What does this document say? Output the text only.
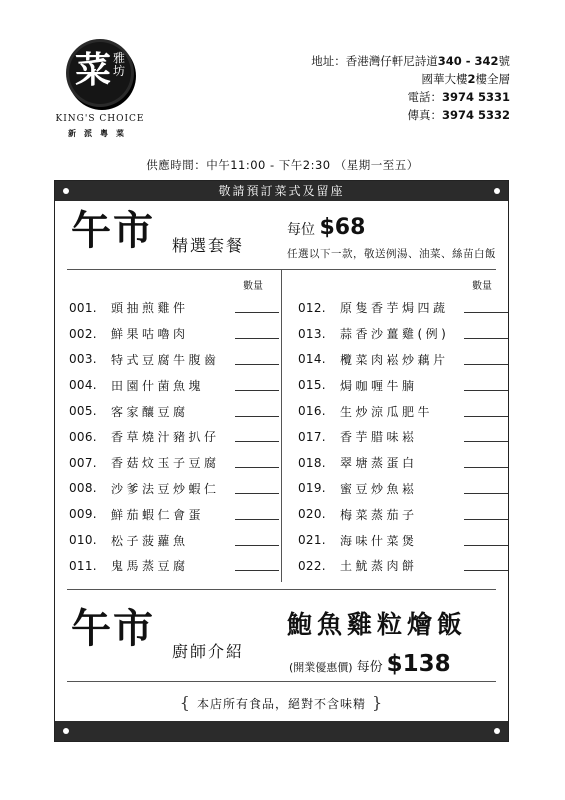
菜 雅坊
KING'S CHOICE
新派粵菜
地址：香港灣仔軒尼詩道340 - 342號
國華大樓2樓全層
電話：3974 5331
傳真：3974 5332
供應時間：中午11:00 - 下午2:30 （星期一至五）
敬請預訂菜式及留座
午市 精選套餐
每位 $68
任選以下一款，敬送例湯、油菜、絲苗白飯
數量
001.	頭抽煎雞件
002.	鮮果咕嚕肉
003.	特式豆腐牛腹齒
004.	田園什菌魚塊
005.	客家釀豆腐
006.	香草燒汁豬扒仔
007.	香菇炆玉子豆腐
008.	沙爹法豆炒蝦仁
009.	鮮茄蝦仁會蛋
010.	松子菠蘿魚
011.	鬼馬蒸豆腐
數量
012.	原隻香芋焗四蔬
013.	蒜香沙薑雞(例)
014.	欖菜肉崧炒藕片
015.	焗咖喱牛腩
016.	生炒涼瓜肥牛
017.	香芋腊味崧
018.	翠塘蒸蛋白
019.	蜜豆炒魚崧
020.	梅菜蒸茄子
021.	海味什菜煲
022.	土魷蒸肉餅
午市 廚師介紹
鮑魚雞粒燴飯
(開業優惠價) 每份 $138
{ 本店所有食品，絕對不含味精 }
